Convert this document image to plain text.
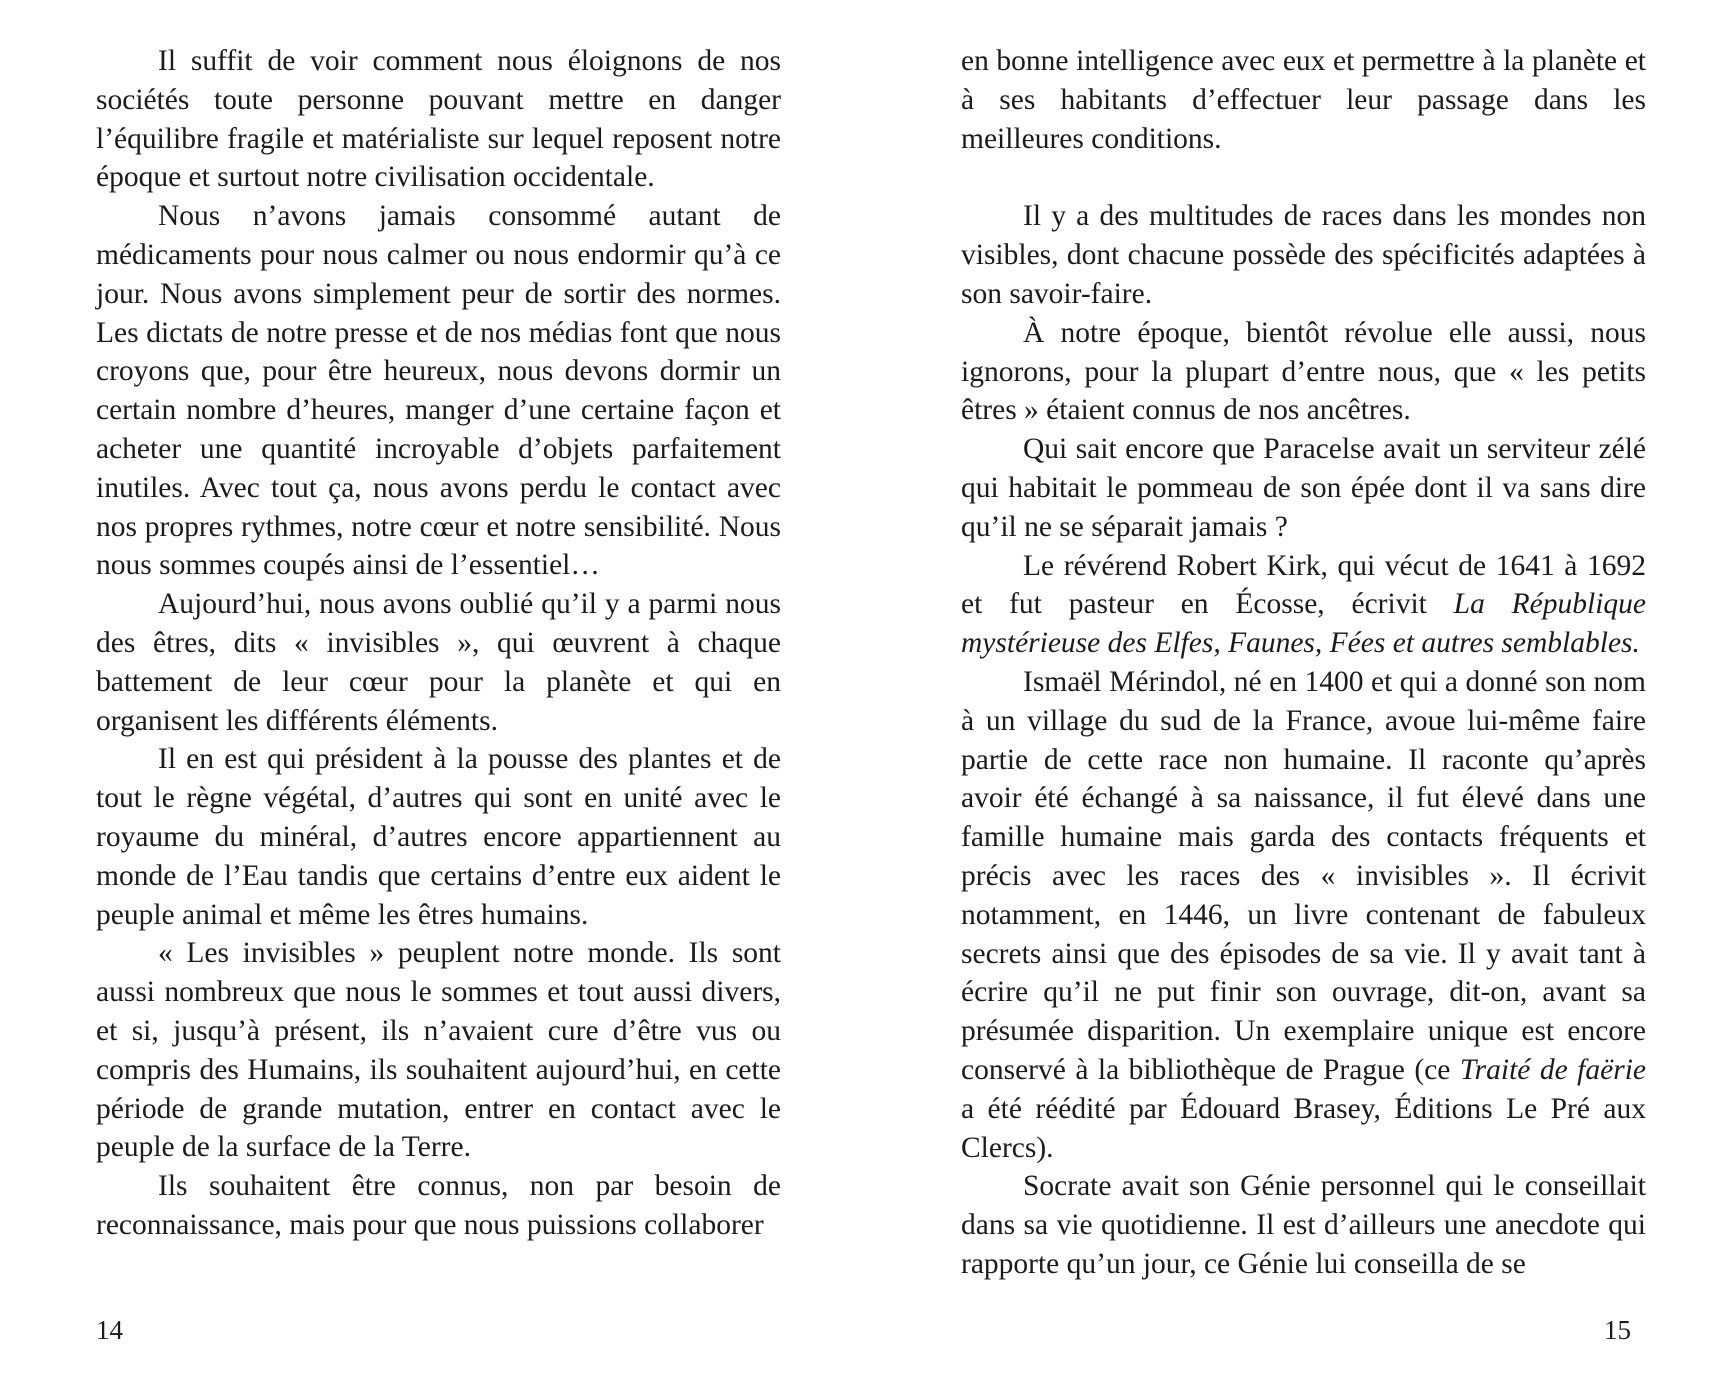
Il suffit de voir comment nous éloignons de nos sociétés toute personne pouvant mettre en danger l’équilibre fragile et matérialiste sur lequel reposent notre époque et surtout notre civilisation occidentale.

Nous n’avons jamais consommé autant de médicaments pour nous calmer ou nous endormir qu’à ce jour. Nous avons simplement peur de sortir des normes. Les dictats de notre presse et de nos médias font que nous croyons que, pour être heureux, nous devons dormir un certain nombre d’heures, manger d’une certaine façon et acheter une quantité incroyable d’objets parfaitement inutiles. Avec tout ça, nous avons perdu le contact avec nos propres rythmes, notre cœur et notre sensibilité. Nous nous sommes coupés ainsi de l’essentiel…

Aujourd’hui, nous avons oublié qu’il y a parmi nous des êtres, dits « invisibles », qui œuvrent à chaque battement de leur cœur pour la planète et qui en organisent les différents éléments.

Il en est qui président à la pousse des plantes et de tout le règne végétal, d’autres qui sont en unité avec le royaume du minéral, d’autres encore appartiennent au monde de l’Eau tandis que certains d’entre eux aident le peuple animal et même les êtres humains.

« Les invisibles » peuplent notre monde. Ils sont aussi nombreux que nous le sommes et tout aussi divers, et si, jusqu’à présent, ils n’avaient cure d’être vus ou compris des Humains, ils souhaitent aujourd’hui, en cette période de grande mutation, entrer en contact avec le peuple de la surface de la Terre.

Ils souhaitent être connus, non par besoin de reconnaissance, mais pour que nous puissions collaborer

14

en bonne intelligence avec eux et permettre à la planète et à ses habitants d’effectuer leur passage dans les meilleures conditions.

Il y a des multitudes de races dans les mondes non visibles, dont chacune possède des spécificités adaptées à son savoir-faire.

À notre époque, bientôt révolue elle aussi, nous ignorons, pour la plupart d’entre nous, que « les petits êtres » étaient connus de nos ancêtres.

Qui sait encore que Paracelse avait un serviteur zélé qui habitait le pommeau de son épée dont il va sans dire qu’il ne se séparait jamais ?

Le révérend Robert Kirk, qui vécut de 1641 à 1692 et fut pasteur en Écosse, écrivit La République mystérieuse des Elfes, Faunes, Fées et autres semblables.

Ismaël Mérindol, né en 1400 et qui a donné son nom à un village du sud de la France, avoue lui-même faire partie de cette race non humaine. Il raconte qu’après avoir été échangé à sa naissance, il fut élevé dans une famille humaine mais garda des contacts fréquents et précis avec les races des « invisibles ». Il écrivit notamment, en 1446, un livre contenant de fabuleux secrets ainsi que des épisodes de sa vie. Il y avait tant à écrire qu’il ne put finir son ouvrage, dit-on, avant sa présumée disparition. Un exemplaire unique est encore conservé à la bibliothèque de Prague (ce Traité de faërie a été réédité par Édouard Brasey, Éditions Le Pré aux Clercs).

Socrate avait son Génie personnel qui le conseillait dans sa vie quotidienne. Il est d’ailleurs une anecdote qui rapporte qu’un jour, ce Génie lui conseilla de se

15
